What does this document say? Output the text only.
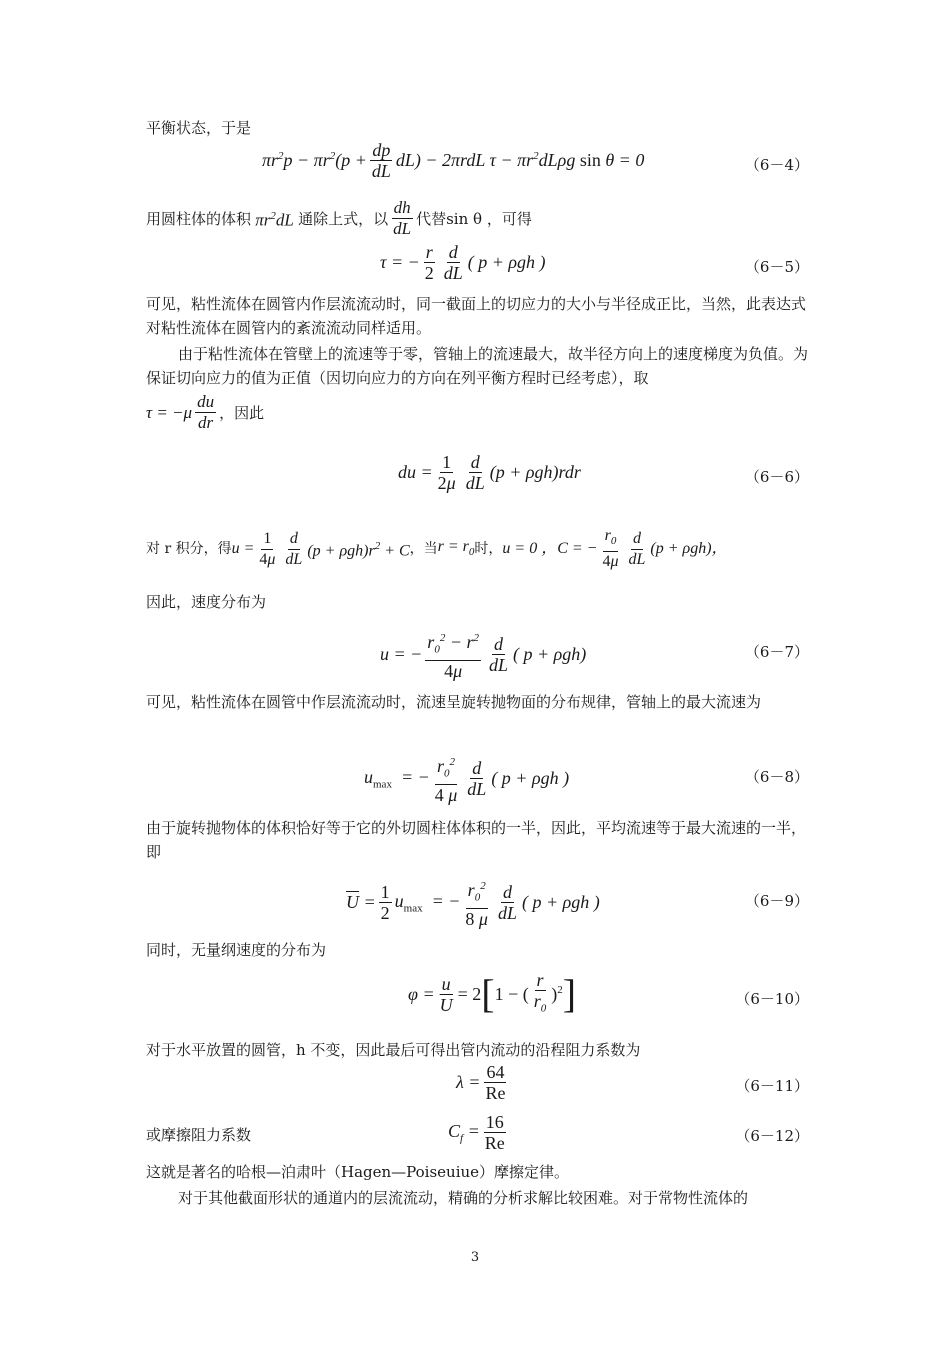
平衡状态，于是
$\pi r^2p - \pi r^2(p + \frac{dp}{dL} dL) - 2\pi rdL$ $\tau - \pi r^2dL\rho g$ sin θ = 0	（6－4）
用圆柱体的体积 $\pi r^2dL$ 通除上式，以 $\frac{dh}{dL}$ 代替sin θ ，可得
τ = − $\frac{r}{2} \frac{d}{dL}$ ( p + ρgh )	（6－5）
可见，粘性流体在圆管内作层流流动时，同一截面上的切应力的大小与半径成正比，当然，此表达式对粘性流体在圆管内的紊流流动同样适用。
由于粘性流体在管壁上的流速等于零，管轴上的流速最大，故半径方向上的速度梯度为负值。为保证切向应力的值为正值（因切向应力的方向在列平衡方程时已经考虑），取
$\tau = -\mu \frac{du}{dr}$ ，因此
du = $\frac{1}{2\mu} \frac{d}{dL} (p + \rho gh)rdr$	（6－6）
对 r 积分，得 $u = \frac{1}{4\mu} \frac{d}{dL} (p + \rho gh)r^2 + C$ ，当 $r = r_0$ 时， u = 0 ，C = − $\frac{r_0}{4\mu} \frac{d}{dL} (p + \rho gh)$，
因此，速度分布为
u = − $\frac{r_0^2 - r^2}{4\mu} \frac{d}{dL}$ ( p + ρgh)	（6－7）
可见，粘性流体在圆管中作层流流动时，流速呈旋转抛物面的分布规律，管轴上的最大流速为
$u_{max}$  = − $\frac{r_0^2}{4 \mu} \frac{d}{dL}$ ( p + ρgh )	（6－8）
由于旋转抛物体的体积恰好等于它的外切圆柱体体积的一半，因此，平均流速等于最大流速的一半，即
$\overline{U} = \frac{1}{2} u_{max}$  = − $\frac{r_0^2}{8 \mu} \frac{d}{dL}$ ( p + ρgh )	（6－9）
同时，无量纲速度的分布为
$\varphi = \frac{u}{U} = 2$ [ 1 − ( $\frac{r}{r_0} )^2$ ]	（6－10）
对于水平放置的圆管，h 不变，因此最后可得出管内流动的沿程阻力系数为
$\lambda = \frac{64}{Re}$	（6－11）
或摩擦阻力系数	$C_f = \frac{16}{Re}$	（6－12）
这就是著名的哈根—泊肃叶（Hagen—Poiseuiue）摩擦定律。
对于其他截面形状的通道内的层流流动，精确的分析求解比较困难。对于常物性流体的
3
